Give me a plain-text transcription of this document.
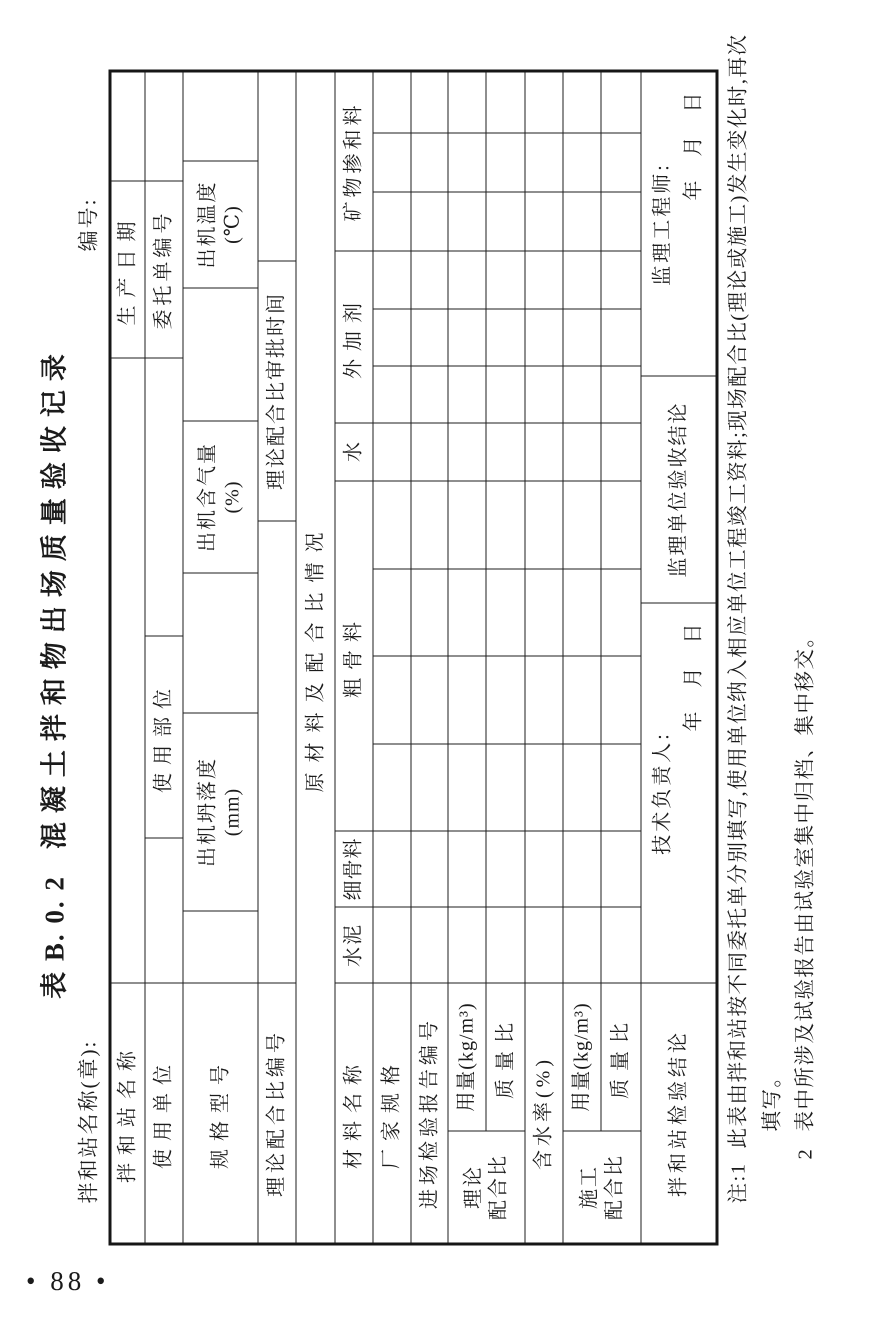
表 B. 0. 2混凝土拌和物出场质量验收记录
拌和站名称(章):
编号:
拌和站名称
生产日期
使用单位
使用部位
委托单编号
规格型号
出机坍落度 (mm)
出机含气量 (%)
出机温度 (℃)
理论配合比编号
理论配合比审批时间
原材料及配合比情况
材料名称
水泥
细骨料
粗骨料
水
外加剂
矿物掺和料
厂家规格 进场检验报告编号	理论 配合比
用量(kg/m³) 质量比 含水率(%)
施工 配合比
用量(kg/m³) 质量比	拌和站检验结论
技术负责人:
年　月　日
监理单位验收结论
监理工程师:
年　月　日
注:1此表由拌和站按不同委托单分别填写,使用单位纳入相应单位工程竣工资料;现场配合比(理论或施工)发生变化时,再次填写。
2
表中所涉及试验报告由试验室集中归档、集中移交。
• 88 •
